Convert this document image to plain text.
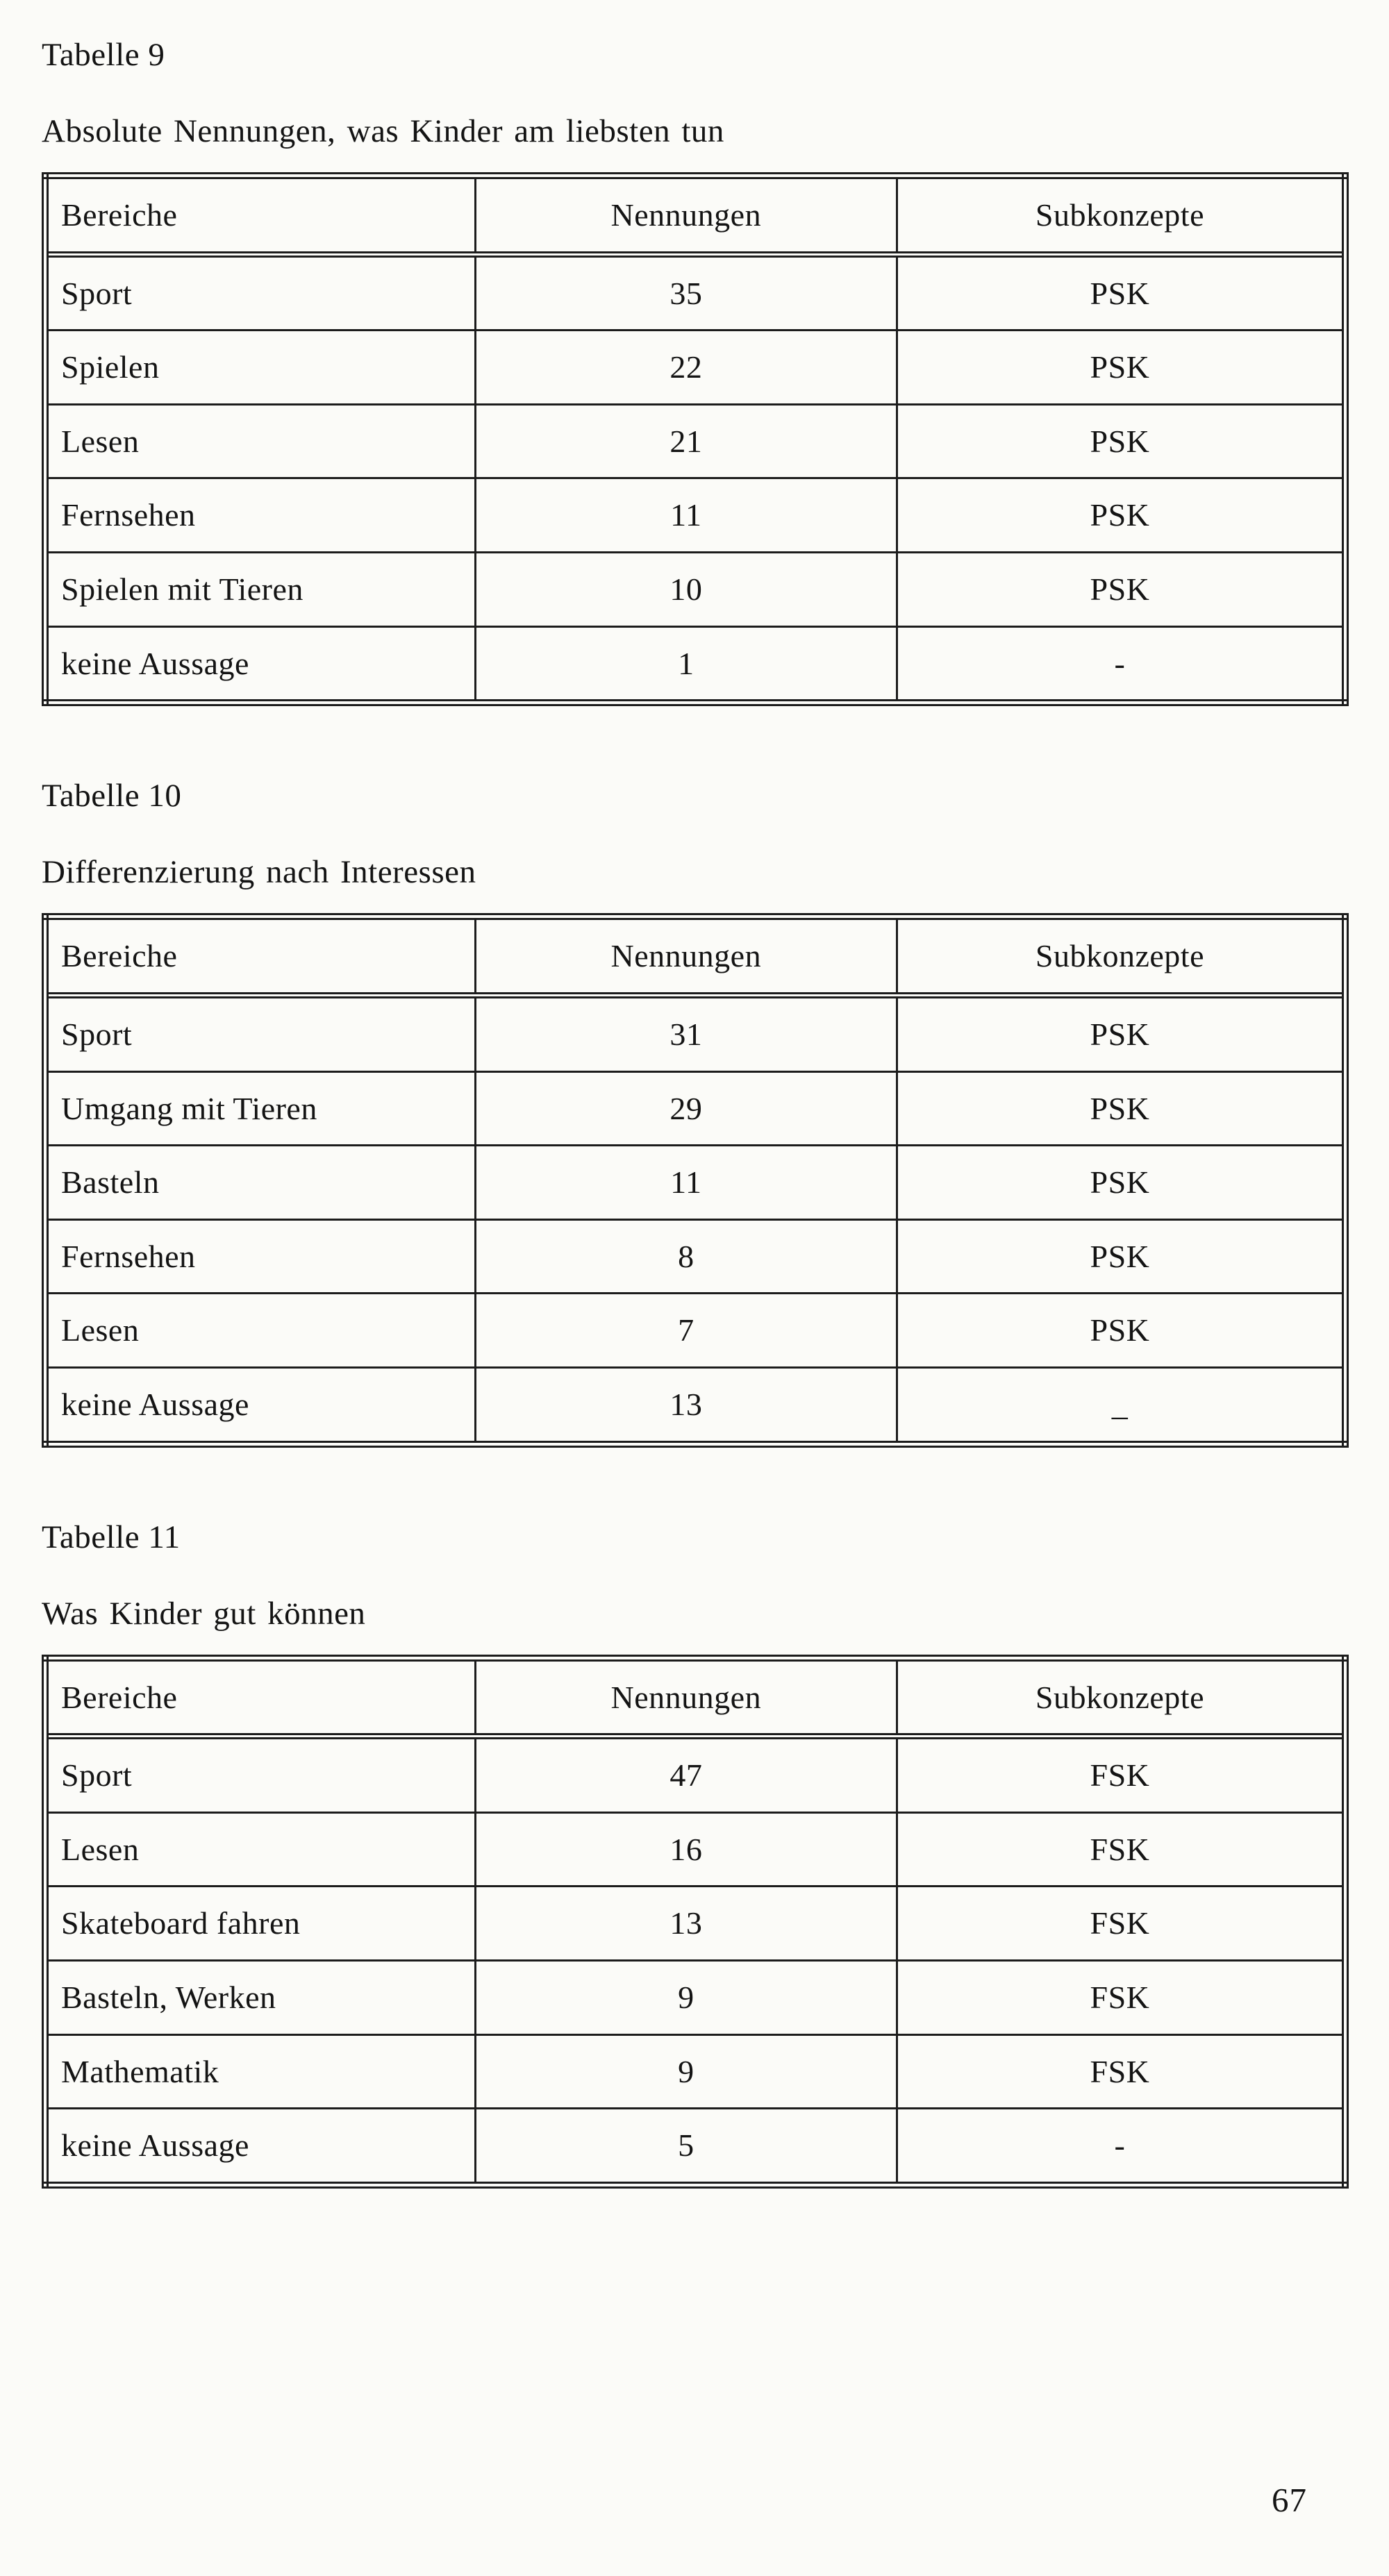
Tabelle 9

Absolute Nennungen, was Kinder am liebsten tun

Bereiche	Nennungen	Subkonzepte
Sport	35	PSK
Spielen	22	PSK
Lesen	21	PSK
Fernsehen	11	PSK
Spielen mit Tieren	10	PSK
keine Aussage	1	-
Tabelle 10

Differenzierung nach Interessen

Bereiche	Nennungen	Subkonzepte
Sport	31	PSK
Umgang mit Tieren	29	PSK
Basteln	11	PSK
Fernsehen	8	PSK
Lesen	7	PSK
keine Aussage	13	_
Tabelle 11

Was Kinder gut können

Bereiche	Nennungen	Subkonzepte
Sport	47	FSK
Lesen	16	FSK
Skateboard fahren	13	FSK
Basteln, Werken	9	FSK
Mathematik	9	FSK
keine Aussage	5	-
67
